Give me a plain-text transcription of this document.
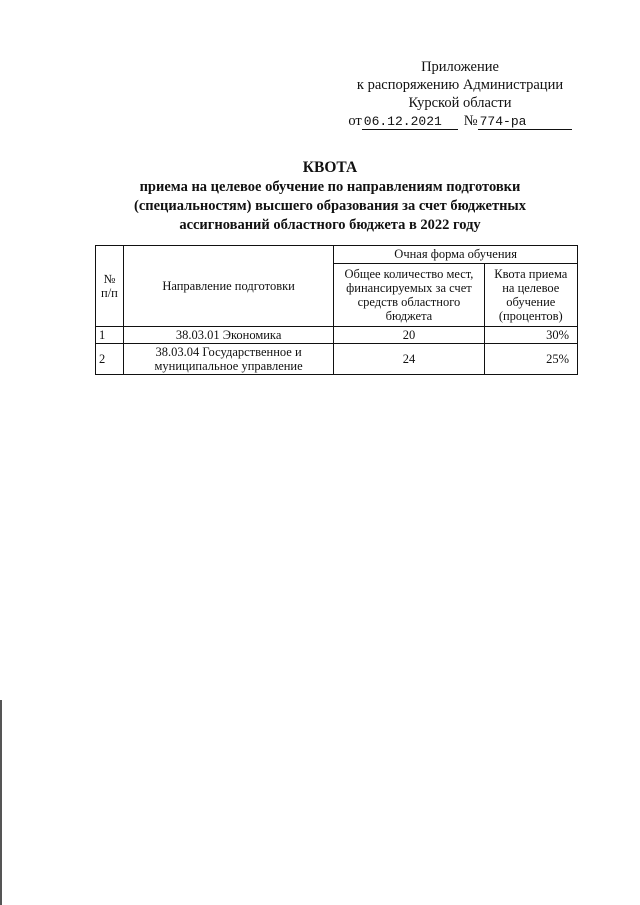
Приложение
к распоряжению Администрации
Курской области
от 06.12.2021	№ 774-ра
КВОТА
приема на целевое обучение по направлениям подготовки
(специальностям) высшего образования за счет бюджетных
ассигнований областного бюджета в 2022 году
№ п/п	Направление подготовки	Очная форма обучения	
		Общее количество мест, финансируемых за счет средств областного бюджета	Квота приема на целевое обучение (процентов)
1	38.03.01 Экономика	20	30%
2	38.03.04 Государственное и муниципальное управление	24	25%
